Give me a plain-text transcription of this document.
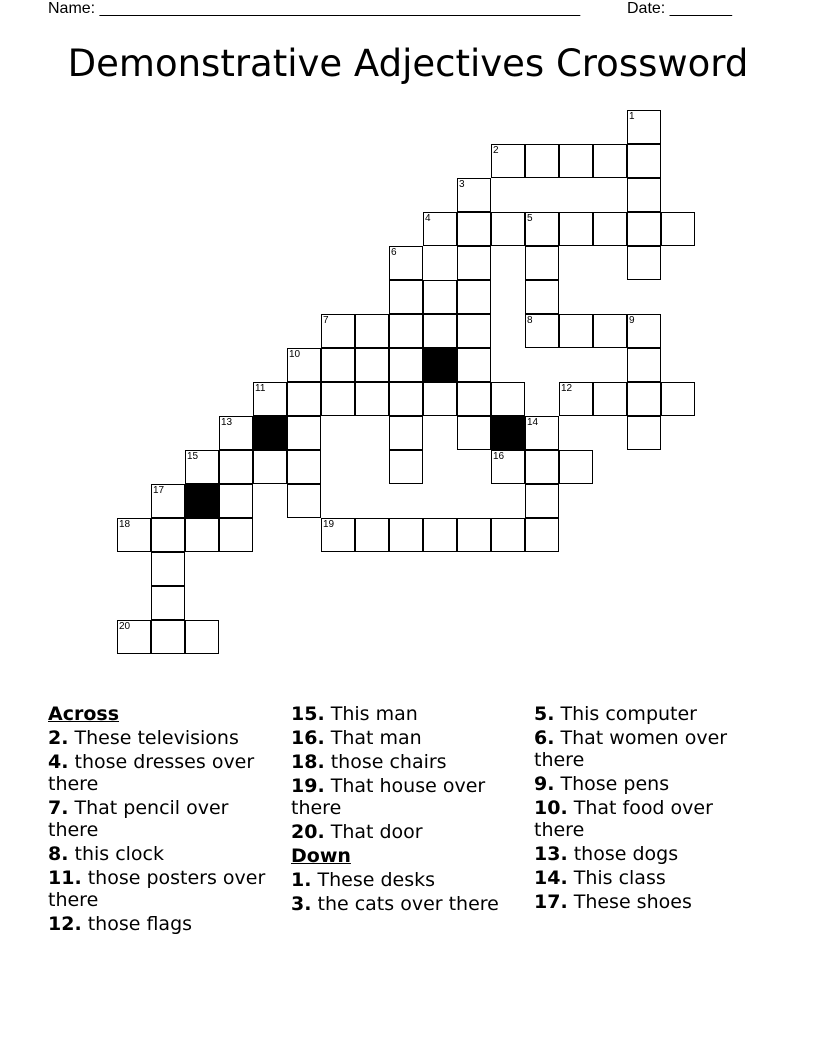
Name: ______________________________________________________	Date: _______
Demonstrative Adjectives Crossword
1
2
3
4	5
6
7	8	9
10
11	12
13	14
15	16
17
18	19
20
Across
2. These televisions
4. those dresses over there
7. That pencil over there
8. this clock
11. those posters over there
12. those flags
15. This man
16. That man
18. those chairs
19. That house over there
20. That door
Down
1. These desks
3. the cats over there
5. This computer
6. That women over there
9. Those pens
10. That food over there
13. those dogs
14. This class
17. These shoes
